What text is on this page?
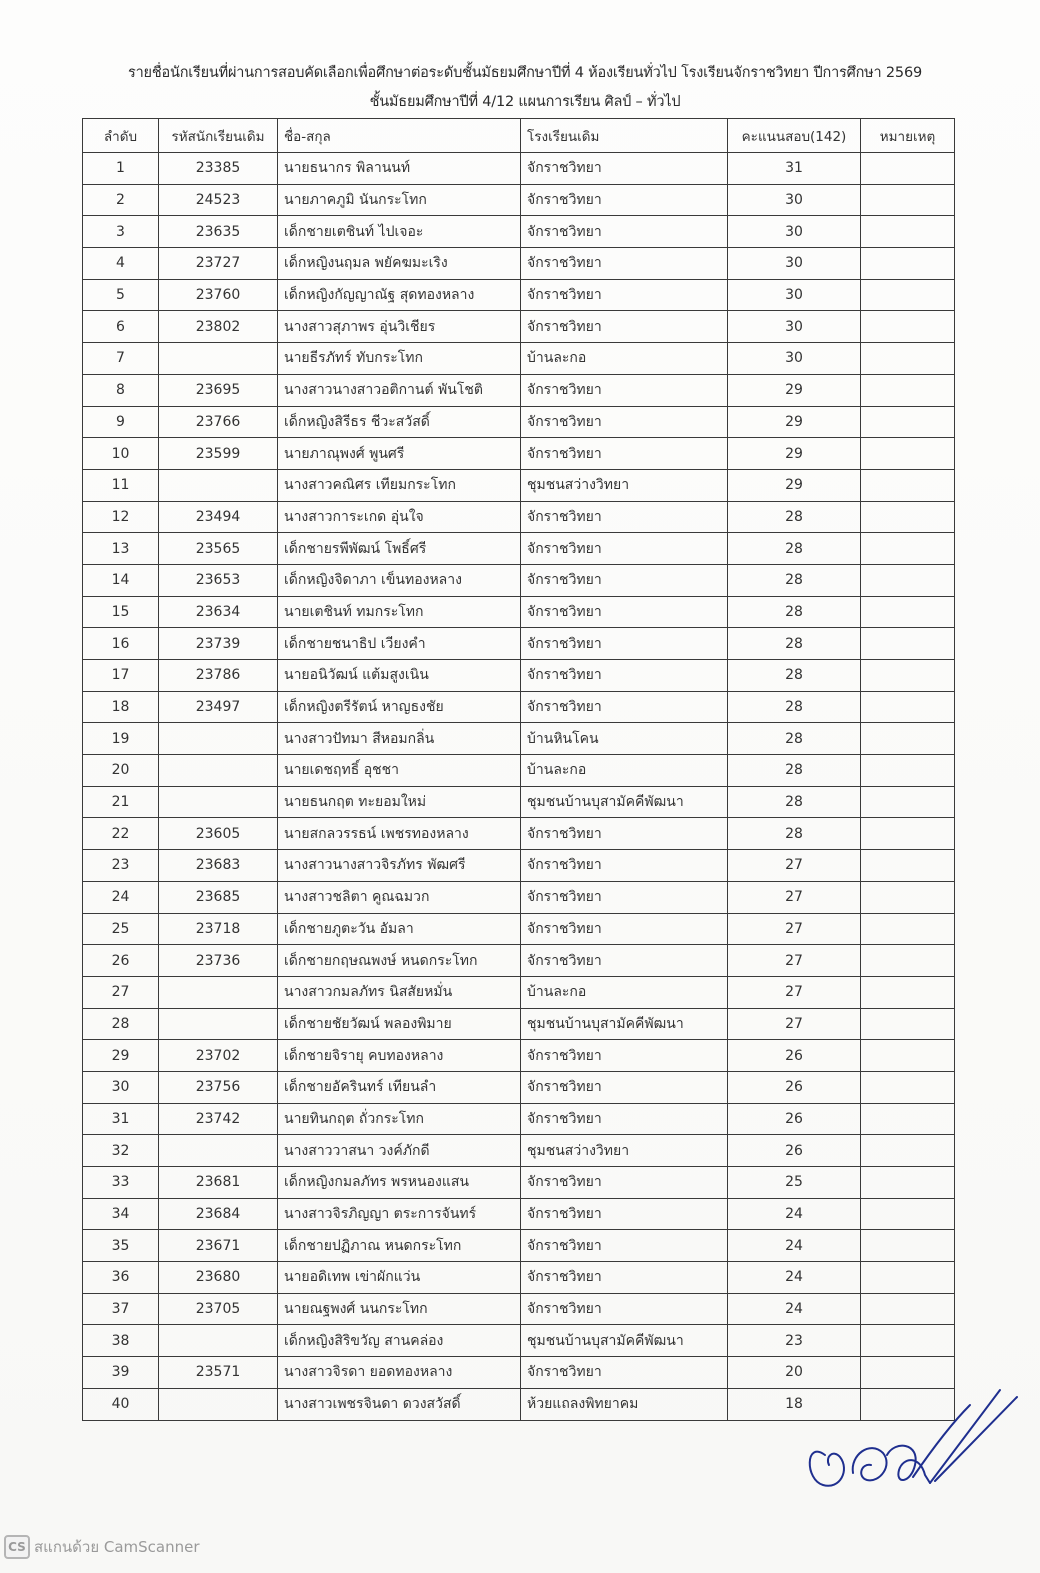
รายชื่อนักเรียนที่ผ่านการสอบคัดเลือกเพื่อศึกษาต่อระดับชั้นมัธยมศึกษาปีที่ 4 ห้องเรียนทั่วไป โรงเรียนจักราชวิทยา ปีการศึกษา 2569
ชั้นมัธยมศึกษาปีที่ 4/12 แผนการเรียน ศิลป์ – ทั่วไป
ลำดับ	รหัสนักเรียนเดิม	ชื่อ-สกุล	โรงเรียนเดิม	คะแนนสอบ(142)	หมายเหตุ
1	23385	นายธนากร พิลานนท์	จักราชวิทยา	31	
2	24523	นายภาคภูมิ นันกระโทก	จักราชวิทยา	30	
3	23635	เด็กชายเตชินท์ ไปเจอะ	จักราชวิทยา	30	
4	23727	เด็กหญิงนฤมล พยัคฆมะเริง	จักราชวิทยา	30	
5	23760	เด็กหญิงกัญญาณัฐ สุดทองหลาง	จักราชวิทยา	30	
6	23802	นางสาวสุภาพร อุ่นวิเชียร	จักราชวิทยา	30	
7		นายธีรภัทร์ ทับกระโทก	บ้านละกอ	30	
8	23695	นางสาวนางสาวอติกานต์ พันโชติ	จักราชวิทยา	29	
9	23766	เด็กหญิงสิรีธร ชีวะสวัสดิ์	จักราชวิทยา	29	
10	23599	นายภาณุพงศ์ พูนศรี	จักราชวิทยา	29	
11		นางสาวคณิศร เทียมกระโทก	ชุมชนสว่างวิทยา	29	
12	23494	นางสาวการะเกด อุ่นใจ	จักราชวิทยา	28	
13	23565	เด็กชายรพีพัฒน์ โพธิ์ศรี	จักราชวิทยา	28	
14	23653	เด็กหญิงจิดาภา เข็นทองหลาง	จักราชวิทยา	28	
15	23634	นายเตชินท์ ทมกระโทก	จักราชวิทยา	28	
16	23739	เด็กชายชนาธิป เวียงคำ	จักราชวิทยา	28	
17	23786	นายอนิวัฒน์ แต้มสูงเนิน	จักราชวิทยา	28	
18	23497	เด็กหญิงตรีรัตน์ หาญธงชัย	จักราชวิทยา	28	
19		นางสาวปัทมา สีหอมกลิ่น	บ้านหินโคน	28	
20		นายเดชฤทธิ์ อุชชา	บ้านละกอ	28	
21		นายธนกฤต ทะยอมใหม่	ชุมชนบ้านบุสามัคคีพัฒนา	28	
22	23605	นายสกลวรรธน์ เพชรทองหลาง	จักราชวิทยา	28	
23	23683	นางสาวนางสาวจิรภัทร พัฒศรี	จักราชวิทยา	27	
24	23685	นางสาวชลิตา คูณฉมวก	จักราชวิทยา	27	
25	23718	เด็กชายภูตะวัน อัมลา	จักราชวิทยา	27	
26	23736	เด็กชายกฤษณพงษ์ หนดกระโทก	จักราชวิทยา	27	
27		นางสาวกมลภัทร นิสสัยหมั่น	บ้านละกอ	27	
28		เด็กชายชัยวัฒน์ พลองพิมาย	ชุมชนบ้านบุสามัคคีพัฒนา	27	
29	23702	เด็กชายจิรายุ คบทองหลาง	จักราชวิทยา	26	
30	23756	เด็กชายอัครินทร์ เทียนลำ	จักราชวิทยา	26	
31	23742	นายทินกฤต ถั่วกระโทก	จักราชวิทยา	26	
32		นางสาววาสนา วงค์ภักดี	ชุมชนสว่างวิทยา	26	
33	23681	เด็กหญิงกมลภัทร พรหนองแสน	จักราชวิทยา	25	
34	23684	นางสาวจิรภิญญา ตระการจันทร์	จักราชวิทยา	24	
35	23671	เด็กชายปฏิภาณ หนดกระโทก	จักราชวิทยา	24	
36	23680	นายอดิเทพ เข่าผักแว่น	จักราชวิทยา	24	
37	23705	นายณฐพงศ์ นนกระโทก	จักราชวิทยา	24	
38		เด็กหญิงสิริขวัญ สานคล่อง	ชุมชนบ้านบุสามัคคีพัฒนา	23	
39	23571	นางสาวจิรดา ยอดทองหลาง	จักราชวิทยา	20	
40		นางสาวเพชรจินดา ดวงสวัสดิ์	ห้วยแถลงพิทยาคม	18	
CS สแกนด้วย CamScanner
